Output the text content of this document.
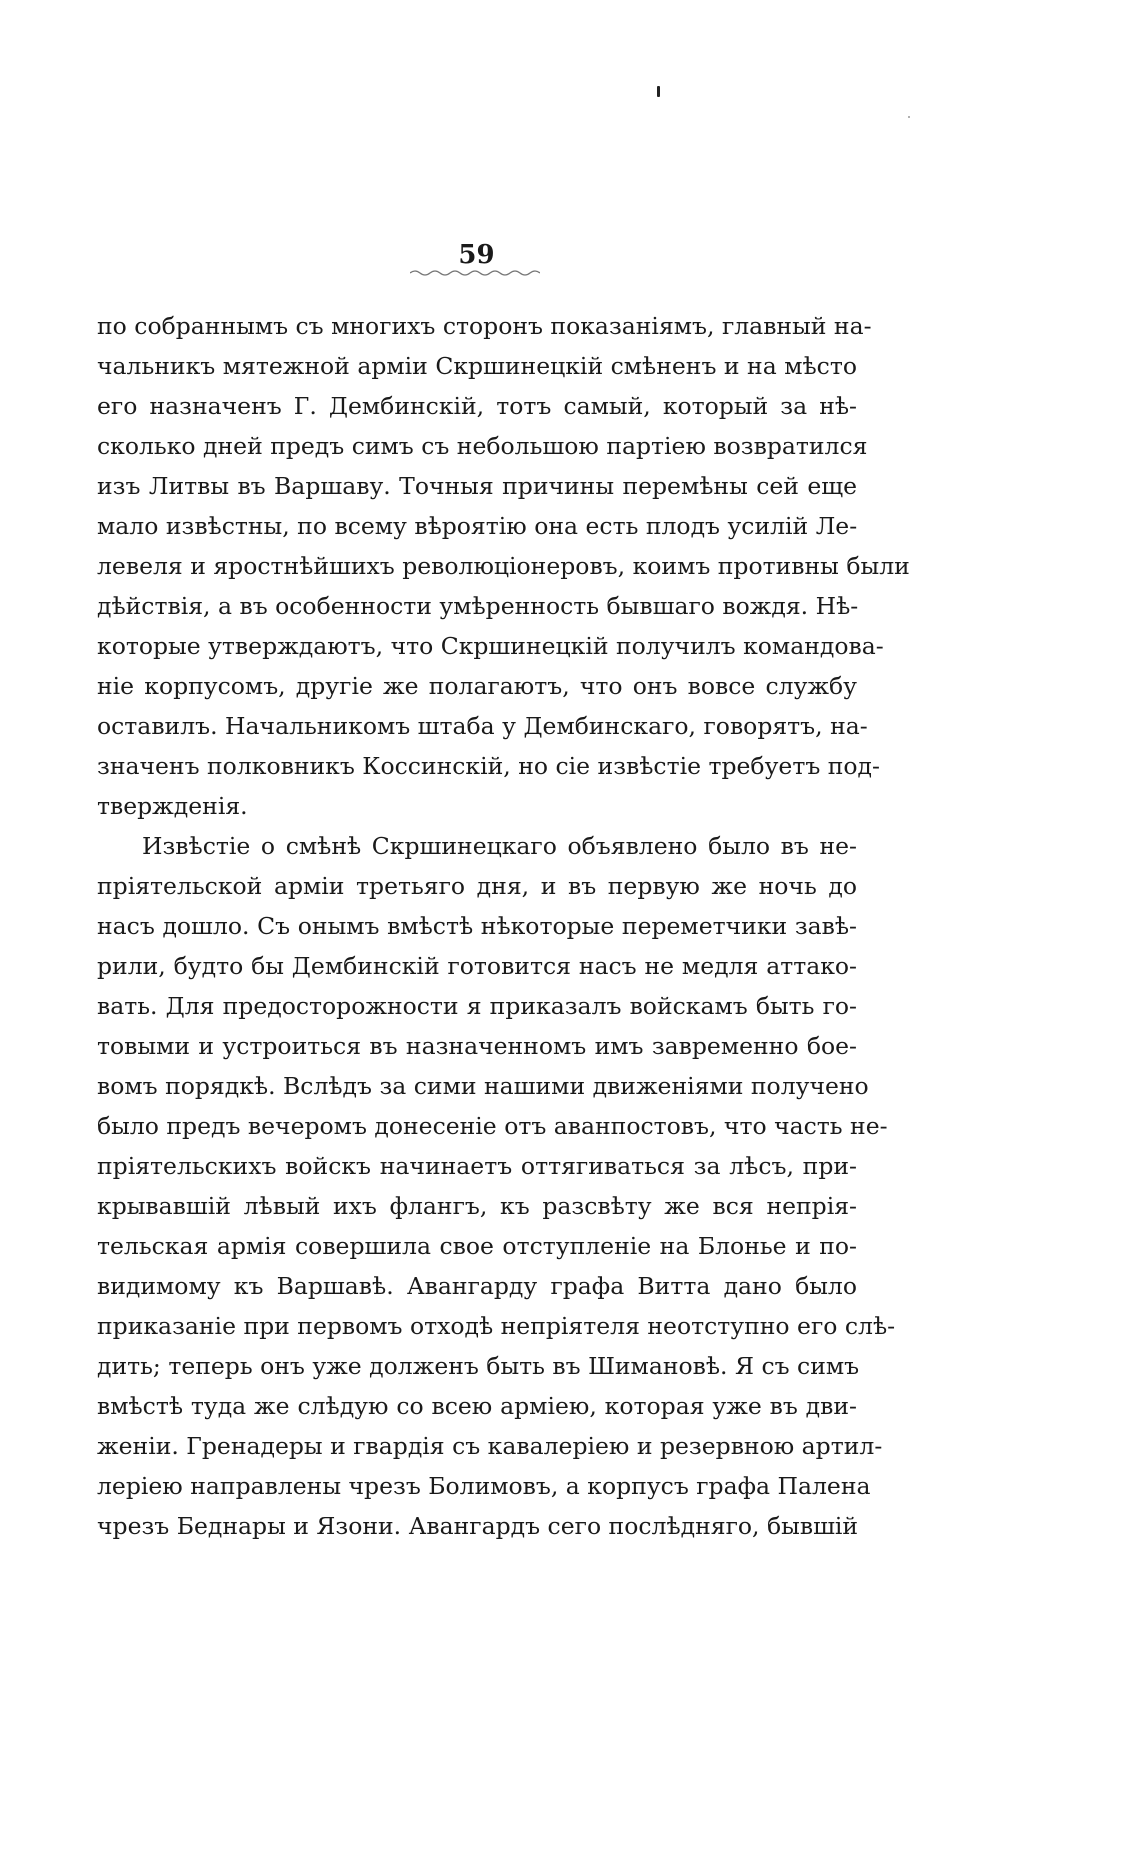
59
по собраннымъ съ многихъ сторонъ показаніямъ, главный на-
чальникъ мятежной арміи Скршинецкій смѣненъ и на мѣсто
его назначенъ Г. Дембинскій, тотъ самый, который за нѣ-
сколько дней предъ симъ съ небольшою партіею возвратился
изъ Литвы въ Варшаву. Точныя причины перемѣны сей еще
мало извѣстны, по всему вѣроятію она есть плодъ усилій Ле-
левеля и яростнѣйшихъ революціонеровъ, коимъ противны были
дѣйствія, а въ особенности умѣренность бывшаго вождя. Нѣ-
которые утверждаютъ, что Скршинецкій получилъ командова-
ніе корпусомъ, другіе же полагаютъ, что онъ вовсе службу
оставилъ. Начальникомъ штаба у Дембинскаго, говорятъ, на-
значенъ полковникъ Коссинскій, но сіе извѣстіе требуетъ под-
твержденія.
Извѣстіе о смѣнѣ Скршинецкаго объявлено было въ не-
пріятельской арміи третьяго дня, и въ первую же ночь до
насъ дошло. Съ онымъ вмѣстѣ нѣкоторые переметчики завѣ-
рили, будто бы Дембинскій готовится насъ не медля аттако-
вать. Для предосторожности я приказалъ войскамъ быть го-
товыми и устроиться въ назначенномъ имъ завременно бое-
вомъ порядкѣ. Вслѣдъ за сими нашими движеніями получено
было предъ вечеромъ донесеніе отъ аванпостовъ, что часть не-
пріятельскихъ войскъ начинаетъ оттягиваться за лѣсъ, при-
крывавшій лѣвый ихъ флангъ, къ разсвѣту же вся непрія-
тельская армія совершила свое отступленіе на Блонье и по-
видимому къ Варшавѣ. Авангарду графа Витта дано было
приказаніе при первомъ отходѣ непріятеля неотступно его слѣ-
дить; теперь онъ уже долженъ быть въ Шимановѣ. Я съ симъ
вмѣстѣ туда же слѣдую со всею арміею, которая уже въ дви-
женіи. Гренадеры и гвардія съ кавалеріею и резервною артил-
леріею направлены чрезъ Болимовъ, а корпусъ графа Палена
чрезъ Беднары и Язони. Авангардъ сего послѣдняго, бывшій
